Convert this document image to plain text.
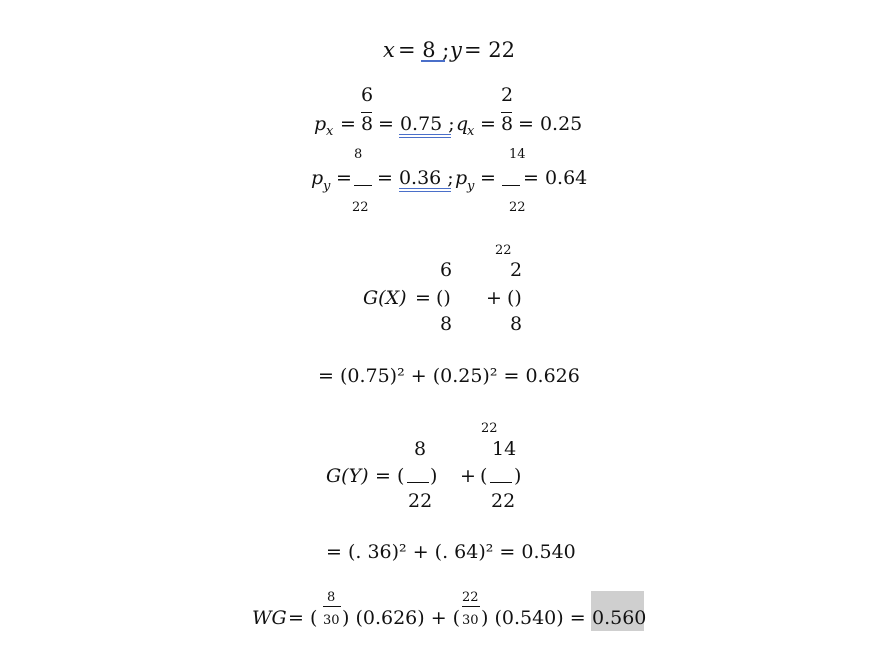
x = 8 ; y = 22
6
p x = 8 = 0.75 ; q
x =
2
8 = 0.25
8
p y =
22
= 0.36 ; p y =
14
22
= 0.64
22
6	2
G(X) = () + ()
8	8
= (0.75)² + (0.25)² = 0.626
22
8	14
G(Y) = ( ) + ( )
22	22
= (. 36)² + (. 64)² = 0.540
8	22
WG = ( 30 ) (0.626) + ( 30 ) (0.540) = 0.560
